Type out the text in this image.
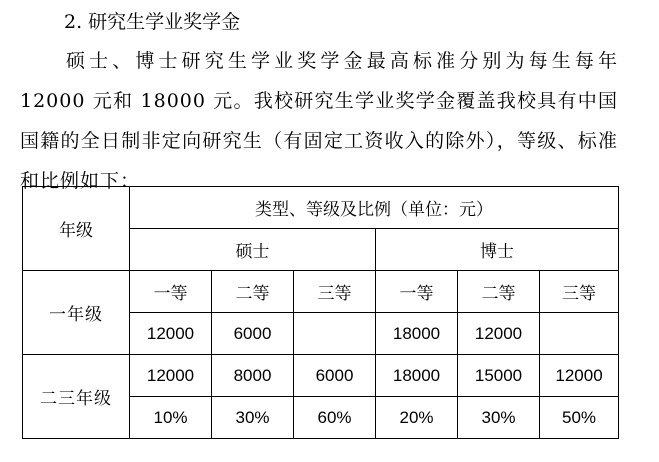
2. 研究生学业奖学金
硕士、博士研究生学业奖学金最高标准分别为每生每年 12000 元和 18000 元。我校研究生学业奖学金覆盖我校具有中国国籍的全日制非定向研究生（有固定工资收入的除外），等级、标准和比例如下：
年级	类型、等级及比例（单位：元）					
	硕士			博士		
一年级	一等	二等	三等	一等	二等	三等
	12000	6000		18000	12000	
二三年级	12000	8000	6000	18000	15000	12000
	10%	30%	60%	20%	30%	50%
